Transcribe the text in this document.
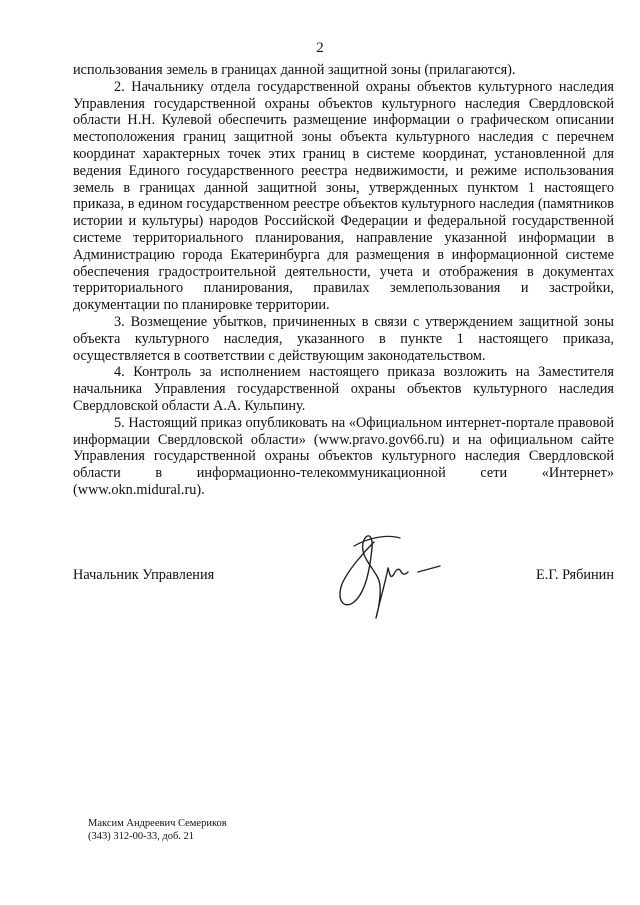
2

использования земель в границах данной защитной зоны (прилагаются).

2. Начальнику отдела государственной охраны объектов культурного наследия Управления государственной охраны объектов культурного наследия Свердловской области Н.Н. Кулевой обеспечить размещение информации о графическом описании местоположения границ защитной зоны объекта культурного наследия с перечнем координат характерных точек этих границ в системе координат, установленной для ведения Единого государственного реестра недвижимости, и режиме использования земель в границах данной защитной зоны, утвержденных пунктом 1 настоящего приказа, в едином государственном реестре объектов культурного наследия (памятников истории и культуры) народов Российской Федерации и федеральной государственной системе территориального планирования, направление указанной информации в Администрацию города Екатеринбурга для размещения в информационной системе обеспечения градостроительной деятельности, учета и отображения в документах территориального планирования, правилах землепользования и застройки, документации по планировке территории.

3. Возмещение убытков, причиненных в связи с утверждением защитной зоны объекта культурного наследия, указанного в пункте 1 настоящего приказа, осуществляется в соответствии с действующим законодательством.

4. Контроль за исполнением настоящего приказа возложить на Заместителя начальника Управления государственной охраны объектов культурного наследия Свердловской области А.А. Кульпину.

5. Настоящий приказ опубликовать на «Официальном интернет-портале правовой информации Свердловской области» (www.pravo.gov66.ru) и на официальном сайте Управления государственной охраны объектов культурного наследия Свердловской области в информационно-телекоммуникационной сети «Интернет» (www.okn.midural.ru).

Начальник Управления	Е.Г. Рябинин
Максим Андреевич Семериков
(343) 312-00-33, доб. 21
